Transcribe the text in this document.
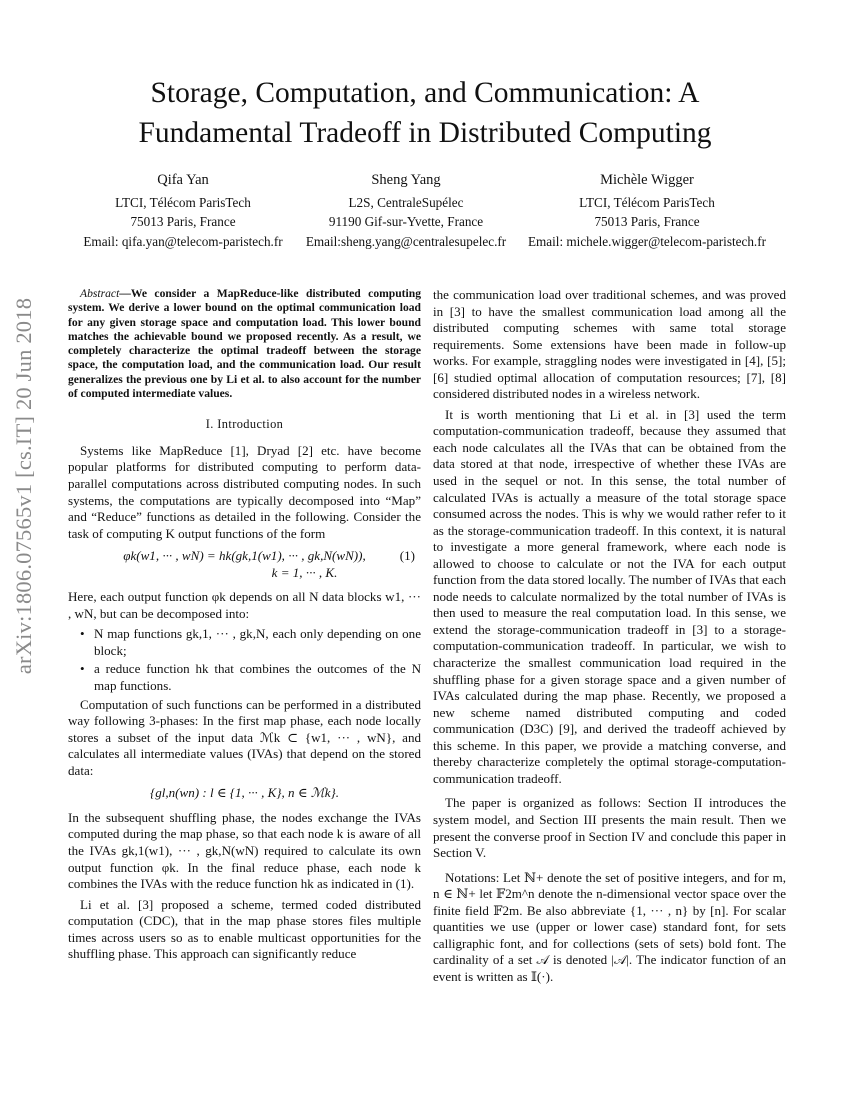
arXiv:1806.07565v1 [cs.IT] 20 Jun 2018
Storage, Computation, and Communication: A
Fundamental Tradeoff in Distributed Computing
Qifa Yan
LTCI, Télécom ParisTech
75013 Paris, France
Email: qifa.yan@telecom-paristech.fr
Sheng Yang
L2S, CentraleSupélec
91190 Gif-sur-Yvette, France
Email:sheng.yang@centralesupelec.fr
Michèle Wigger
LTCI, Télécom ParisTech
75013 Paris, France
Email: michele.wigger@telecom-paristech.fr

Abstract—We consider a MapReduce-like distributed computing system. We derive a lower bound on the optimal communication load for any given storage space and computation load. This lower bound matches the achievable bound we proposed recently. As a result, we completely characterize the optimal tradeoff between the storage space, the computation load, and the communication load. Our result generalizes the previous one by Li et al. to also account for the number of computed intermediate values.

I. Introduction

Systems like MapReduce [1], Dryad [2] etc. have become popular platforms for distributed computing to perform data-parallel computations across distributed computing nodes. In such systems, the computations are typically decomposed into “Map” and “Reduce” functions as detailed in the following. Consider the task of computing K output functions of the form

φk(w1, ··· , wN) = hk(gk,1(w1), ··· , gk,N(wN)),	(1)
k = 1, ··· , K.

Here, each output function φk depends on all N data blocks w1, ··· , wN, but can be decomposed into:

• N map functions gk,1, ··· , gk,N, each only depending on one block;

• a reduce function hk that combines the outcomes of the N map functions.

Computation of such functions can be performed in a distributed way following 3-phases: In the first map phase, each node locally stores a subset of the input data ℳk ⊂ {w1, ··· , wN}, and calculates all intermediate values (IVAs) that depend on the stored data:

{gl,n(wn) : l ∈ {1, ··· , K}, n ∈ ℳk}.

In the subsequent shuffling phase, the nodes exchange the IVAs computed during the map phase, so that each node k is aware of all the IVAs gk,1(w1), ··· , gk,N(wN) required to calculate its own output function φk. In the final reduce phase, each node k combines the IVAs with the reduce function hk as indicated in (1).

Li et al. [3] proposed a scheme, termed coded distributed computation (CDC), that in the map phase stores files multiple times across users so as to enable multicast opportunities for the shuffling phase. This approach can significantly reduce

the communication load over traditional schemes, and was proved in [3] to have the smallest communication load among all the distributed computing schemes with same total storage requirements. Some extensions have been made in follow-up works. For example, straggling nodes were investigated in [4], [5]; [6] studied optimal allocation of computation resources; [7], [8] considered distributed nodes in a wireless network.

It is worth mentioning that Li et al. in [3] used the term computation-communication tradeoff, because they assumed that each node calculates all the IVAs that can be obtained from the data stored at that node, irrespective of whether these IVAs are used in the sequel or not. In this sense, the total number of calculated IVAs is actually a measure of the total storage space consumed across the nodes. This is why we would rather refer to it as the storage-communication tradeoff. In this context, it is natural to investigate a more general framework, where each node is allowed to choose to calculate or not the IVA for each output function from the data stored locally. The number of IVAs that each node needs to calculate normalized by the total number of IVAs is then used to measure the real computation load. In this sense, we extend the storage-communication tradeoff in [3] to a storage-computation-communication tradeoff. In particular, we wish to characterize the smallest communication load required in the shuffling phase for a given storage space and a given number of IVAs calculated during the map phase. Recently, we proposed a new scheme named distributed computing and coded communication (D3C) [9], and derived the tradeoff achieved by this scheme. In this paper, we provide a matching converse, and thereby characterize completely the optimal storage-computation-communication tradeoff.

The paper is organized as follows: Section II introduces the system model, and Section III presents the main result. Then we present the converse proof in Section IV and conclude this paper in Section V.

Notations: Let ℕ+ denote the set of positive integers, and for m, n ∈ ℕ+ let 𝔽2m^n denote the n-dimensional vector space over the finite field 𝔽2m. Be also abbreviate {1, ··· , n} by [n]. For scalar quantities we use (upper or lower case) standard font, for sets calligraphic font, and for collections (sets of sets) bold font. The cardinality of a set 𝒜 is denoted |𝒜|. The indicator function of an event is written as 𝕀(·).
